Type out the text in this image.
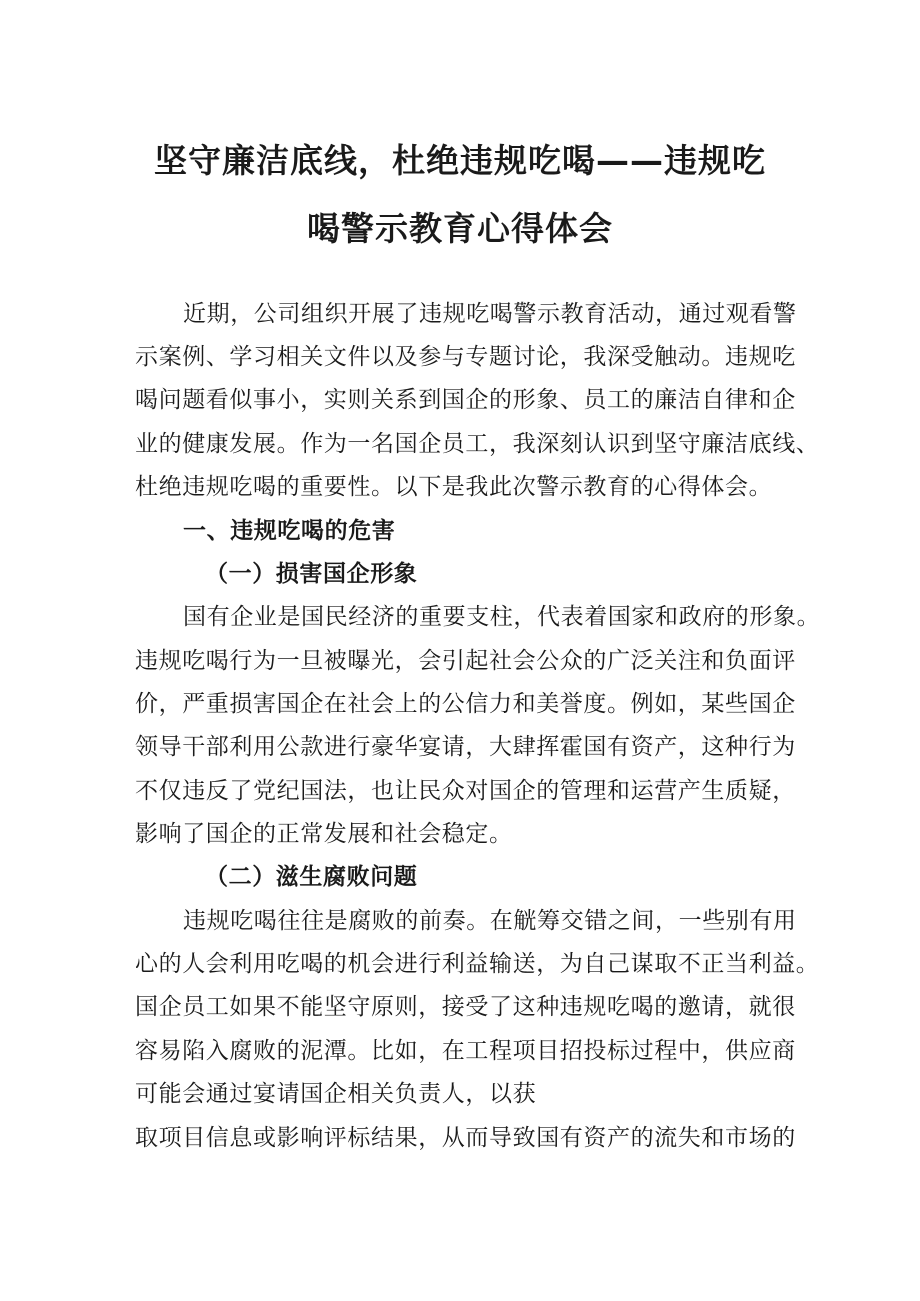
坚守廉洁底线，杜绝违规吃喝——违规吃
喝警示教育心得体会
近期，公司组织开展了违规吃喝警示教育活动，通过观看警
示案例、学习相关文件以及参与专题讨论，我深受触动。违规吃
喝问题看似事小，实则关系到国企的形象、员工的廉洁自律和企
业的健康发展。作为一名国企员工，我深刻认识到坚守廉洁底线、
杜绝违规吃喝的重要性。以下是我此次警示教育的心得体会。
一、违规吃喝的危害
（一）损害国企形象
国有企业是国民经济的重要支柱，代表着国家和政府的形象。
违规吃喝行为一旦被曝光，会引起社会公众的广泛关注和负面评
价，严重损害国企在社会上的公信力和美誉度。例如，某些国企
领导干部利用公款进行豪华宴请，大肆挥霍国有资产，这种行为
不仅违反了党纪国法，也让民众对国企的管理和运营产生质疑，
影响了国企的正常发展和社会稳定。
（二）滋生腐败问题
违规吃喝往往是腐败的前奏。在觥筹交错之间，一些别有用
心的人会利用吃喝的机会进行利益输送，为自己谋取不正当利益。
国企员工如果不能坚守原则，接受了这种违规吃喝的邀请，就很
容易陷入腐败的泥潭。比如，在工程项目招投标过程中，供应商
可能会通过宴请国企相关负责人，以获
取项目信息或影响评标结果，从而导致国有资产的流失和市场的
